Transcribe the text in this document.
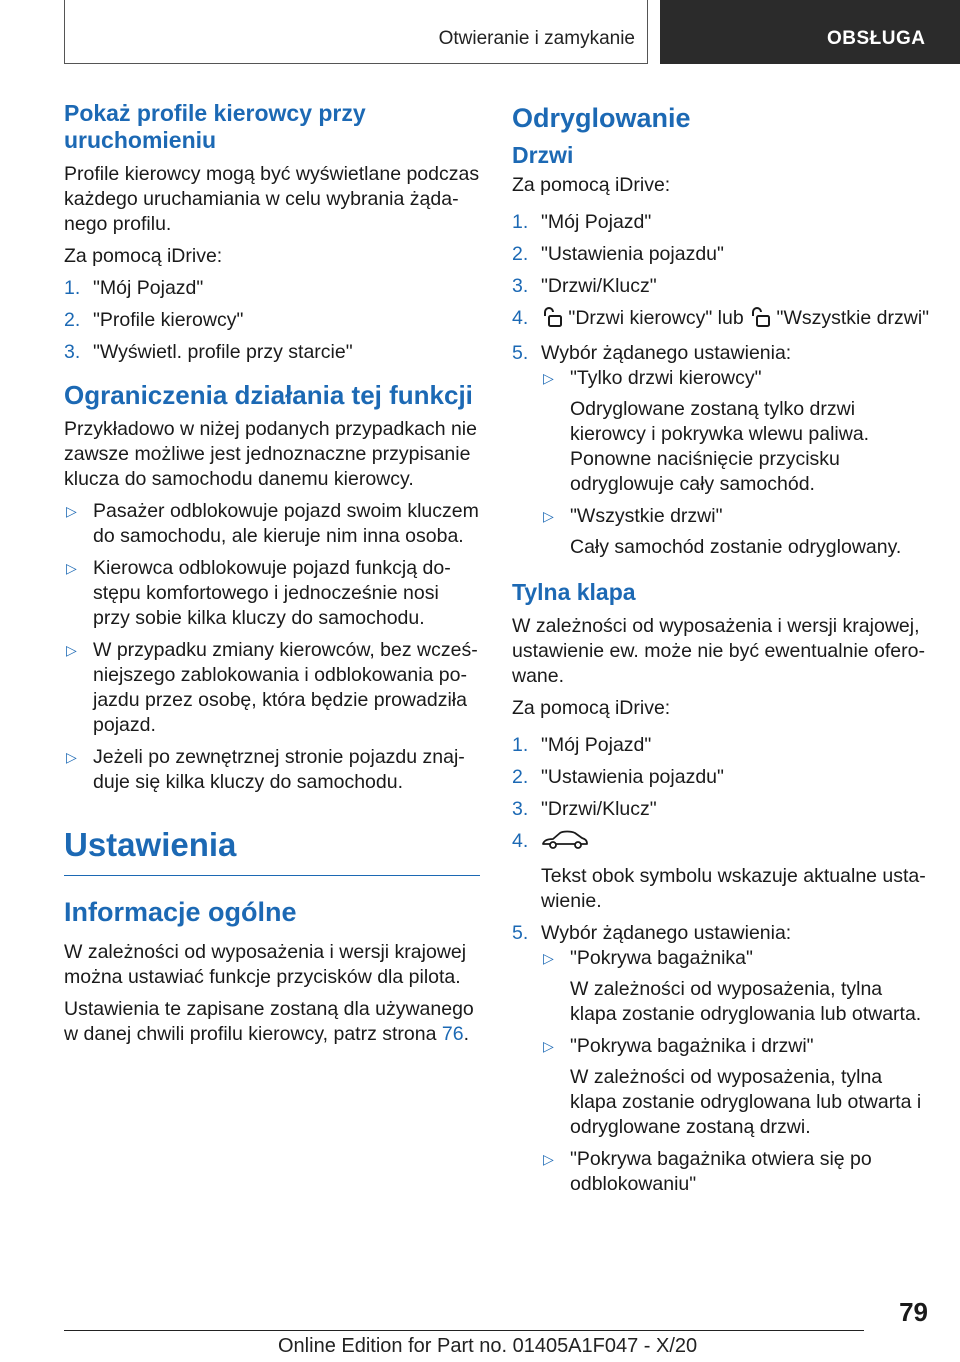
Otwieranie i zamykanie	OBSŁUGA
Pokaż profile kierowcy przy uruchomieniu

Profile kierowcy mogą być wyświetlane podczas każdego uruchamiania w celu wybrania żądanego profilu.

Za pomocą iDrive:

1. "Mój Pojazd"
2. "Profile kierowcy"
3. "Wyświetl. profile przy starcie"
Ograniczenia działania tej funkcji

Przykładowo w niżej podanych przypadkach nie zawsze możliwe jest jednoznaczne przypisanie klucza do samochodu danemu kierowcy.

▷ Pasażer odblokowuje pojazd swoim kluczem do samochodu, ale kieruje nim inna osoba.
▷ Kierowca odblokowuje pojazd funkcją dostępu komfortowego i jednocześnie nosi przy sobie kilka kluczy do samochodu.
▷ W przypadku zmiany kierowców, bez wcześniejszego zablokowania i odblokowania pojazdu przez osobę, która będzie prowadziła pojazd.
▷ Jeżeli po zewnętrznej stronie pojazdu znajduje się kilka kluczy do samochodu.
Ustawienia
Informacje ogólne

W zależności od wyposażenia i wersji krajowej można ustawiać funkcje przycisków dla pilota.

Ustawienia te zapisane zostaną dla używanego w danej chwili profilu kierowcy, patrz strona 76.

Odryglowanie
Drzwi

Za pomocą iDrive:

1. "Mój Pojazd"
2. "Ustawienia pojazdu"
3. "Drzwi/Klucz"
4. "Drzwi kierowcy" lub  "Wszystkie drzwi"
5. Wybór żądanego ustawienia:
▷ "Tylko drzwi kierowcy"

Odryglowane zostaną tylko drzwi kierowcy i pokrywka wlewu paliwa. Ponowne naciśnięcie przycisku odryglowuje cały samochód.

▷ "Wszystkie drzwi"

Cały samochód zostanie odryglowany.

Tylna klapa

W zależności od wyposażenia i wersji krajowej, ustawienie ew. może nie być ewentualnie oferowane.

Za pomocą iDrive:

1. "Mój Pojazd"
2. "Ustawienia pojazdu"
3. "Drzwi/Klucz"
4.

Tekst obok symbolu wskazuje aktualne ustawienie.

5. Wybór żądanego ustawienia:
▷ "Pokrywa bagażnika"

W zależności od wyposażenia, tylna klapa zostanie odryglowania lub otwarta.

▷ "Pokrywa bagażnika i drzwi"

W zależności od wyposażenia, tylna klapa zostanie odryglowana lub otwarta i odryglowane zostaną drzwi.

▷ "Pokrywa bagażnika otwiera się po odblokowaniu"
79
Online Edition for Part no. 01405A1F047 - X/20
